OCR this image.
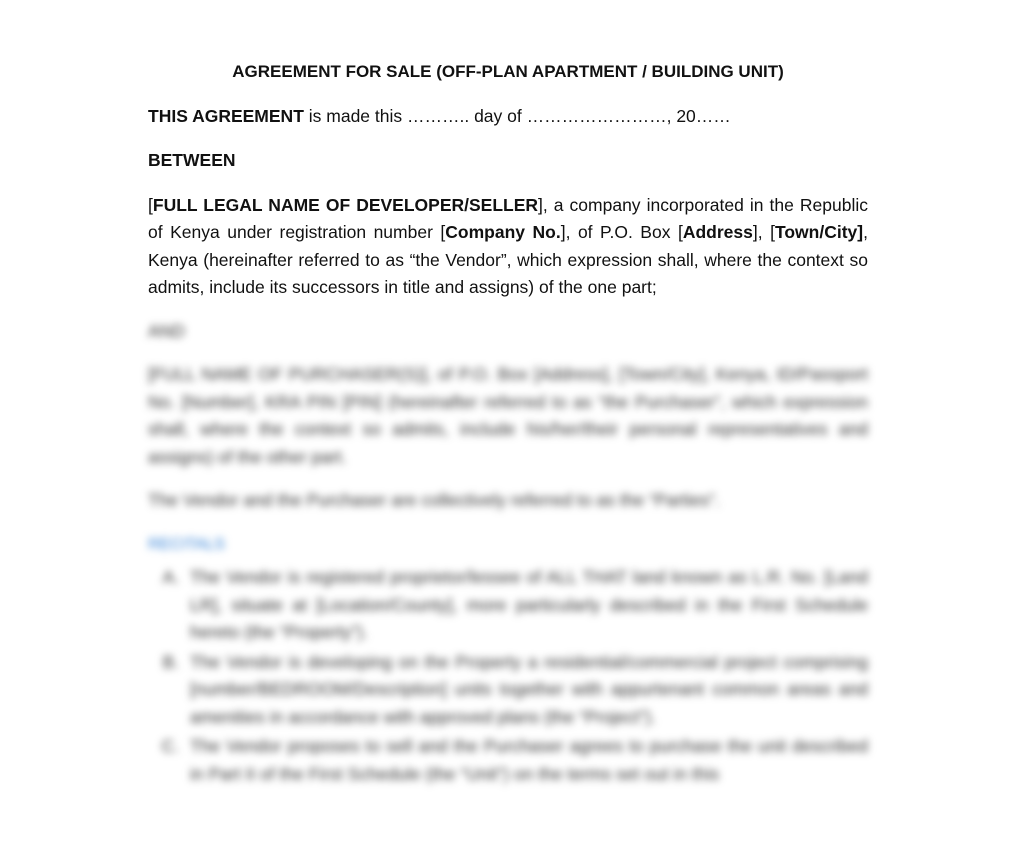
AGREEMENT FOR SALE (OFF-PLAN APARTMENT / BUILDING UNIT)

THIS AGREEMENT is made this ……….. day of ……………………, 20……

BETWEEN

[FULL LEGAL NAME OF DEVELOPER/SELLER], a company incorporated in the Republic of Kenya under registration number [Company No.], of P.O. Box [Address], [Town/City], Kenya (hereinafter referred to as “the Vendor”, which expression shall, where the context so admits, include its successors in title and assigns) of the one part;

AND

[FULL NAME OF PURCHASER(S)], of P.O. Box [Address], [Town/City], Kenya, ID/Passport No. [Number], KRA PIN [PIN] (hereinafter referred to as “the Purchaser”, which expression shall, where the context so admits, include his/her/their personal representatives and assigns) of the other part.

The Vendor and the Purchaser are collectively referred to as the “Parties”.

RECITALS

A. The Vendor is registered proprietor/lessee of ALL THAT land known as L.R. No. [Land LR], situate at [Location/County], more particularly described in the First Schedule hereto (the “Property”).
B. The Vendor is developing on the Property a residential/commercial project comprising [number/BEDROOM/Description] units together with appurtenant common areas and amenities in accordance with approved plans (the “Project”).
C. The Vendor proposes to sell and the Purchaser agrees to purchase the unit described in Part II of the First Schedule (the “Unit”) on the terms set out in this
